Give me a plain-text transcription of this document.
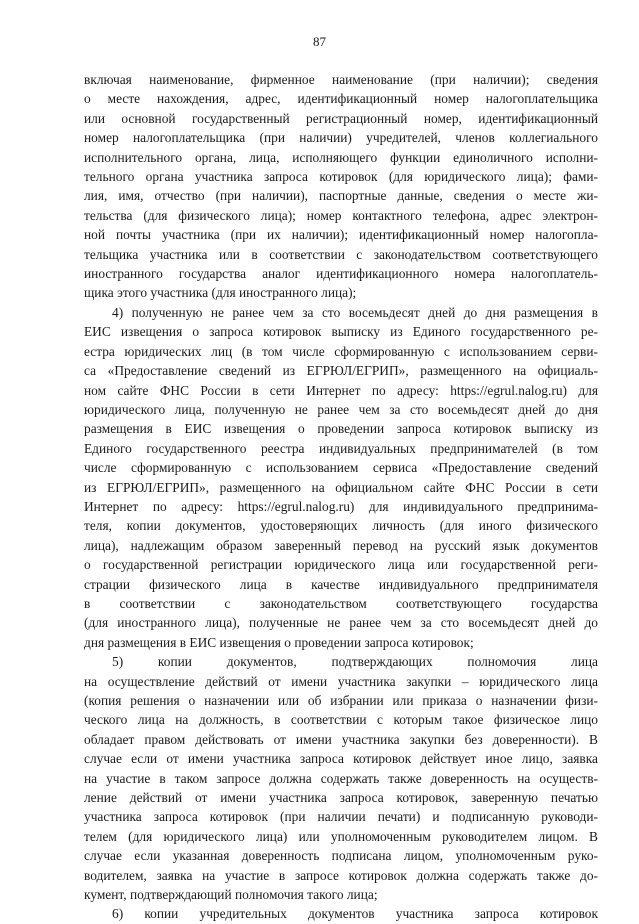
87
включая наименование, фирменное наименование (при наличии); сведения
о месте нахождения, адрес, идентификационный номер налогоплательщика
или основной государственный регистрационный номер, идентификационный
номер налогоплательщика (при наличии) учредителей, членов коллегиального
исполнительного органа, лица, исполняющего функции единоличного исполни-
тельного органа участника запроса котировок (для юридического лица); фами-
лия, имя, отчество (при наличии), паспортные данные, сведения о месте жи-
тельства (для физического лица); номер контактного телефона, адрес электрон-
ной почты участника (при их наличии); идентификационный номер налогопла-
тельщика участника или в соответствии с законодательством соответствующего
иностранного государства аналог идентификационного номера налогоплатель-
щика этого участника (для иностранного лица);
4) полученную не ранее чем за сто восемьдесят дней до дня размещения в
ЕИС извещения о запроса котировок выписку из Единого государственного ре-
естра юридических лиц (в том числе сформированную с использованием серви-
са «Предоставление сведений из ЕГРЮЛ/ЕГРИП», размещенного на официаль-
ном сайте ФНС России в сети Интернет по адресу: https://egrul.nalog.ru) для
юридического лица, полученную не ранее чем за сто восемьдесят дней до дня
размещения в ЕИС извещения о проведении запроса котировок выписку из
Единого государственного реестра индивидуальных предпринимателей (в том
числе сформированную с использованием сервиса «Предоставление сведений
из ЕГРЮЛ/ЕГРИП», размещенного на официальном сайте ФНС России в сети
Интернет по адресу: https://egrul.nalog.ru) для индивидуального предпринима-
теля, копии документов, удостоверяющих личность (для иного физического
лица), надлежащим образом заверенный перевод на русский язык документов
о государственной регистрации юридического лица или государственной реги-
страции физического лица в качестве индивидуального предпринимателя
в соответствии с законодательством соответствующего государства
(для иностранного лица), полученные не ранее чем за сто восемьдесят дней до
дня размещения в ЕИС извещения о проведении запроса котировок;
5) копии документов, подтверждающих полномочия лица
на осуществление действий от имени участника закупки – юридического лица
(копия решения о назначении или об избрании или приказа о назначении физи-
ческого лица на должность, в соответствии с которым такое физическое лицо
обладает правом действовать от имени участника закупки без доверенности). В
случае если от имени участника запроса котировок действует иное лицо, заявка
на участие в таком запросе должна содержать также доверенность на осуществ-
ление действий от имени участника запроса котировок, заверенную печатью
участника запроса котировок (при наличии печати) и подписанную руководи-
телем (для юридического лица) или уполномоченным руководителем лицом. В
случае если указанная доверенность подписана лицом, уполномоченным руко-
водителем, заявка на участие в запросе котировок должна содержать также до-
кумент, подтверждающий полномочия такого лица;
6) копии учредительных документов участника запроса котировок
